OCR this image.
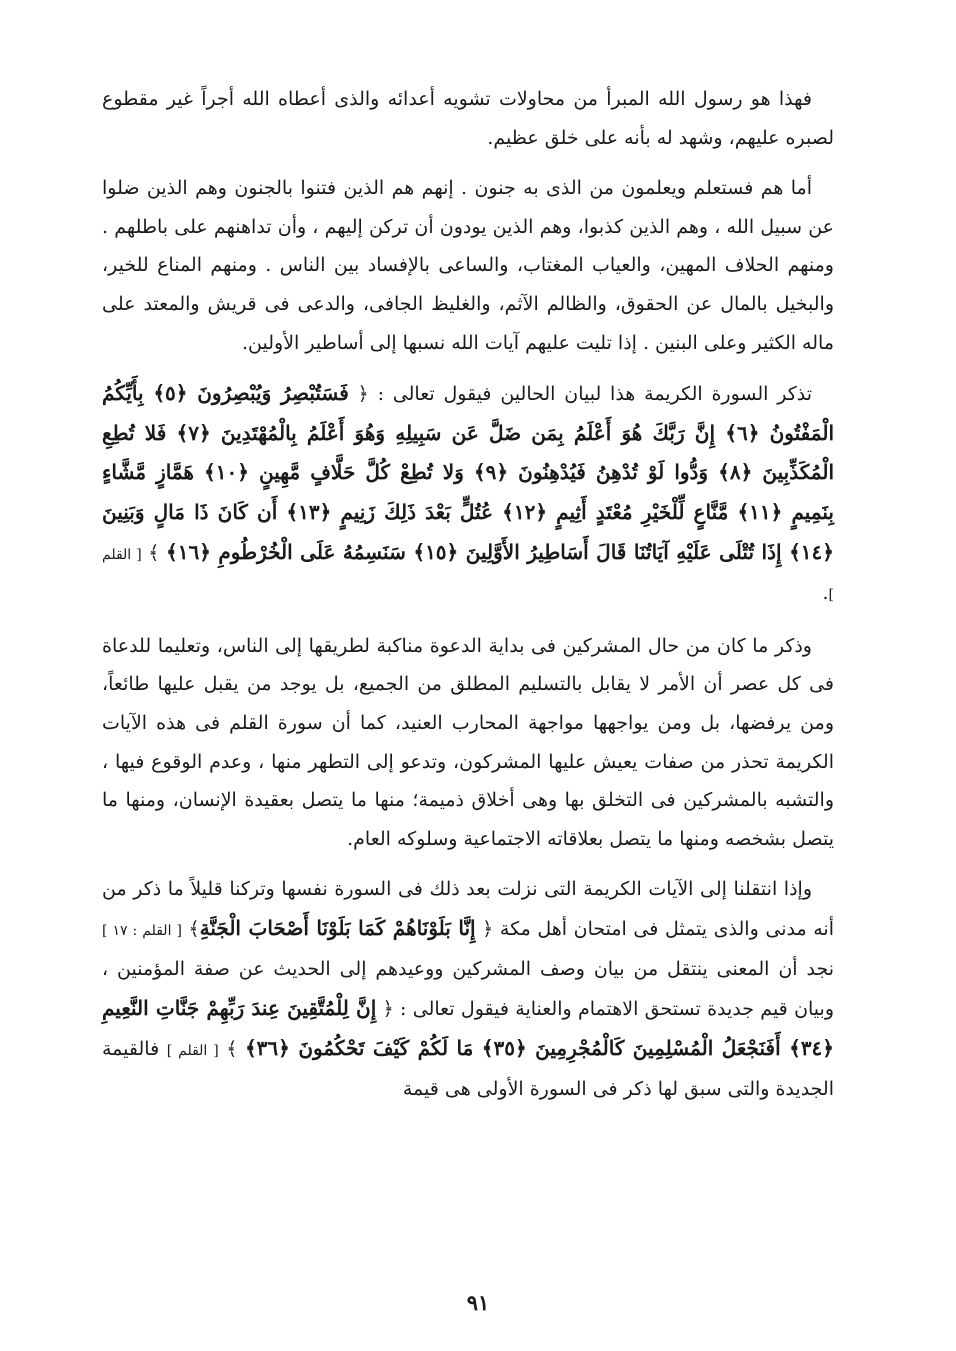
فهذا هو رسول الله المبرأ من محاولات تشويه أعدائه والذى أعطاه الله أجراً غير مقطوع لصبره عليهم، وشهد له بأنه على خلق عظيم.

أما هم فستعلم ويعلمون من الذى به جنون . إنهم هم الذين فتنوا بالجنون وهم الذين ضلوا عن سبيل الله ، وهم الذين كذبوا، وهم الذين يودون أن تركن إليهم ، وأن تداهنهم على باطلهم . ومنهم الحلاف المهين، والعياب المغتاب، والساعى بالإفساد بين الناس . ومنهم المناع للخير، والبخيل بالمال عن الحقوق، والظالم الآثم، والغليظ الجافى، والدعى فى قريش والمعتد على ماله الكثير وعلى البنين . إذا تليت عليهم آيات الله نسبها إلى أساطير الأولين.

تذكر السورة الكريمة هذا لبيان الحالين فيقول تعالى : ﴿ فَسَتُبْصِرُ وَيُبْصِرُونَ ﴿٥﴾ بِأَيِّكُمُ الْمَفْتُونُ ﴿٦﴾ إِنَّ رَبَّكَ هُوَ أَعْلَمُ بِمَن ضَلَّ عَن سَبِيلِهِ وَهُوَ أَعْلَمُ بِالْمُهْتَدِينَ ﴿٧﴾ فَلا تُطِعِ الْمُكَذِّبِينَ ﴿٨﴾ وَدُّوا لَوْ تُدْهِنُ فَيُدْهِنُونَ ﴿٩﴾ وَلا تُطِعْ كُلَّ حَلَّافٍ مَّهِينٍ ﴿١٠﴾ هَمَّازٍ مَّشَّاءٍ بِنَمِيمٍ ﴿١١﴾ مَّنَّاعٍ لِّلْخَيْرِ مُعْتَدٍ أَثِيمٍ ﴿١٢﴾ عُتُلٍّ بَعْدَ ذَلِكَ زَنِيمٍ ﴿١٣﴾ أَن كَانَ ذَا مَالٍ وَبَنِينَ ﴿١٤﴾ إِذَا تُتْلَى عَلَيْهِ آيَاتُنَا قَالَ أَسَاطِيرُ الأَوَّلِينَ ﴿١٥﴾ سَنَسِمُهُ عَلَى الْخُرْطُومِ ﴿١٦﴾ ﴾ [ القلم ].

وذكر ما كان من حال المشركين فى بداية الدعوة مناكبة لطريقها إلى الناس، وتعليما للدعاة فى كل عصر أن الأمر لا يقابل بالتسليم المطلق من الجميع، بل يوجد من يقبل عليها طائعاً، ومن يرفضها، بل ومن يواجهها مواجهة المحارب العنيد، كما أن سورة القلم فى هذه الآيات الكريمة تحذر من صفات يعيش عليها المشركون، وتدعو إلى التطهر منها ، وعدم الوقوع فيها ، والتشبه بالمشركين فى التخلق بها وهى أخلاق ذميمة؛ منها ما يتصل بعقيدة الإنسان، ومنها ما يتصل بشخصه ومنها ما يتصل بعلاقاته الاجتماعية وسلوكه العام.

وإذا انتقلنا إلى الآيات الكريمة التى نزلت بعد ذلك فى السورة نفسها وتركنا قليلاً ما ذكر من أنه مدنى والذى يتمثل فى امتحان أهل مكة ﴿ إِنَّا بَلَوْنَاهُمْ كَمَا بَلَوْنَا أَصْحَابَ الْجَنَّةِ﴾ [ القلم : ١٧ ] نجد أن المعنى ينتقل من بيان وصف المشركين ووعيدهم إلى الحديث عن صفة المؤمنين ، وبيان قيم جديدة تستحق الاهتمام والعناية فيقول تعالى : ﴿ إِنَّ لِلْمُتَّقِينَ عِندَ رَبِّهِمْ جَنَّاتِ النَّعِيمِ ﴿٣٤﴾ أَفَنَجْعَلُ الْمُسْلِمِينَ كَالْمُجْرِمِينَ ﴿٣٥﴾ مَا لَكُمْ كَيْفَ تَحْكُمُونَ ﴿٣٦﴾ ﴾ [ القلم ] فالقيمة الجديدة والتى سبق لها ذكر فى السورة الأولى هى قيمة

٩١
